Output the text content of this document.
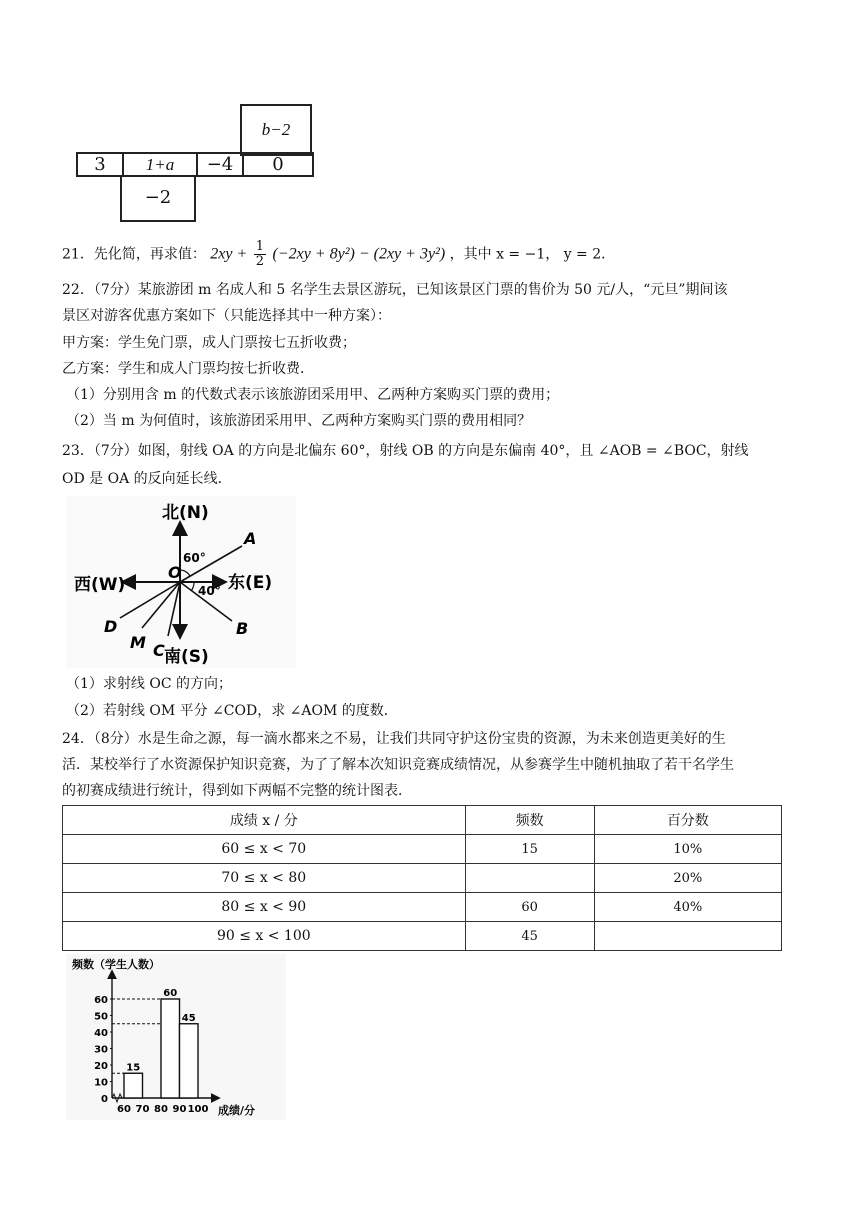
b−2
3	1+a	−4	0
−2
21．先化简，再求值： $2xy + \frac{1}{2} (-2xy + 8y^2) - (2xy + 3y^2)$ ，其中 x = −1， y = 2．
22．（7分）某旅游团 m 名成人和 5 名学生去景区游玩，已知该景区门票的售价为 50 元/人，“元旦”期间该
景区对游客优惠方案如下（只能选择其中一种方案）：
甲方案：学生免门票，成人门票按七五折收费；
乙方案：学生和成人门票均按七折收费．
（1）分别用含 m 的代数式表示该旅游团采用甲、乙两种方案购买门票的费用；
（2）当 m 为何值时，该旅游团采用甲、乙两种方案购买门票的费用相同？
23．（7分）如图，射线 OA 的方向是北偏东 60°，射线 OB 的方向是东偏南 40°，且 ∠AOB = ∠BOC，射线
OD 是 OA 的反向延长线．
北(N)
南(S)
东(E)
西(W)
O
A
B
C
D
M
60°
40°
（1）求射线 OC 的方向；
（2）若射线 OM 平分 ∠COD，求 ∠AOM 的度数．
24．（8分）水是生命之源，每一滴水都来之不易，让我们共同守护这份宝贵的资源，为未来创造更美好的生
活．某校举行了水资源保护知识竞赛，为了了解本次知识竞赛成绩情况，从参赛学生中随机抽取了若干名学生
的初赛成绩进行统计，得到如下两幅不完整的统计图表．
成绩 x / 分	频数	百分数
60 ≤ x < 70	15	10%
70 ≤ x < 80		20%
80 ≤ x < 90	60	40%
90 ≤ x < 100	45	
频数（学生人数）
成绩/分
0
10
20
30
40
50
60
60 70 80 90 100
15
60
45
